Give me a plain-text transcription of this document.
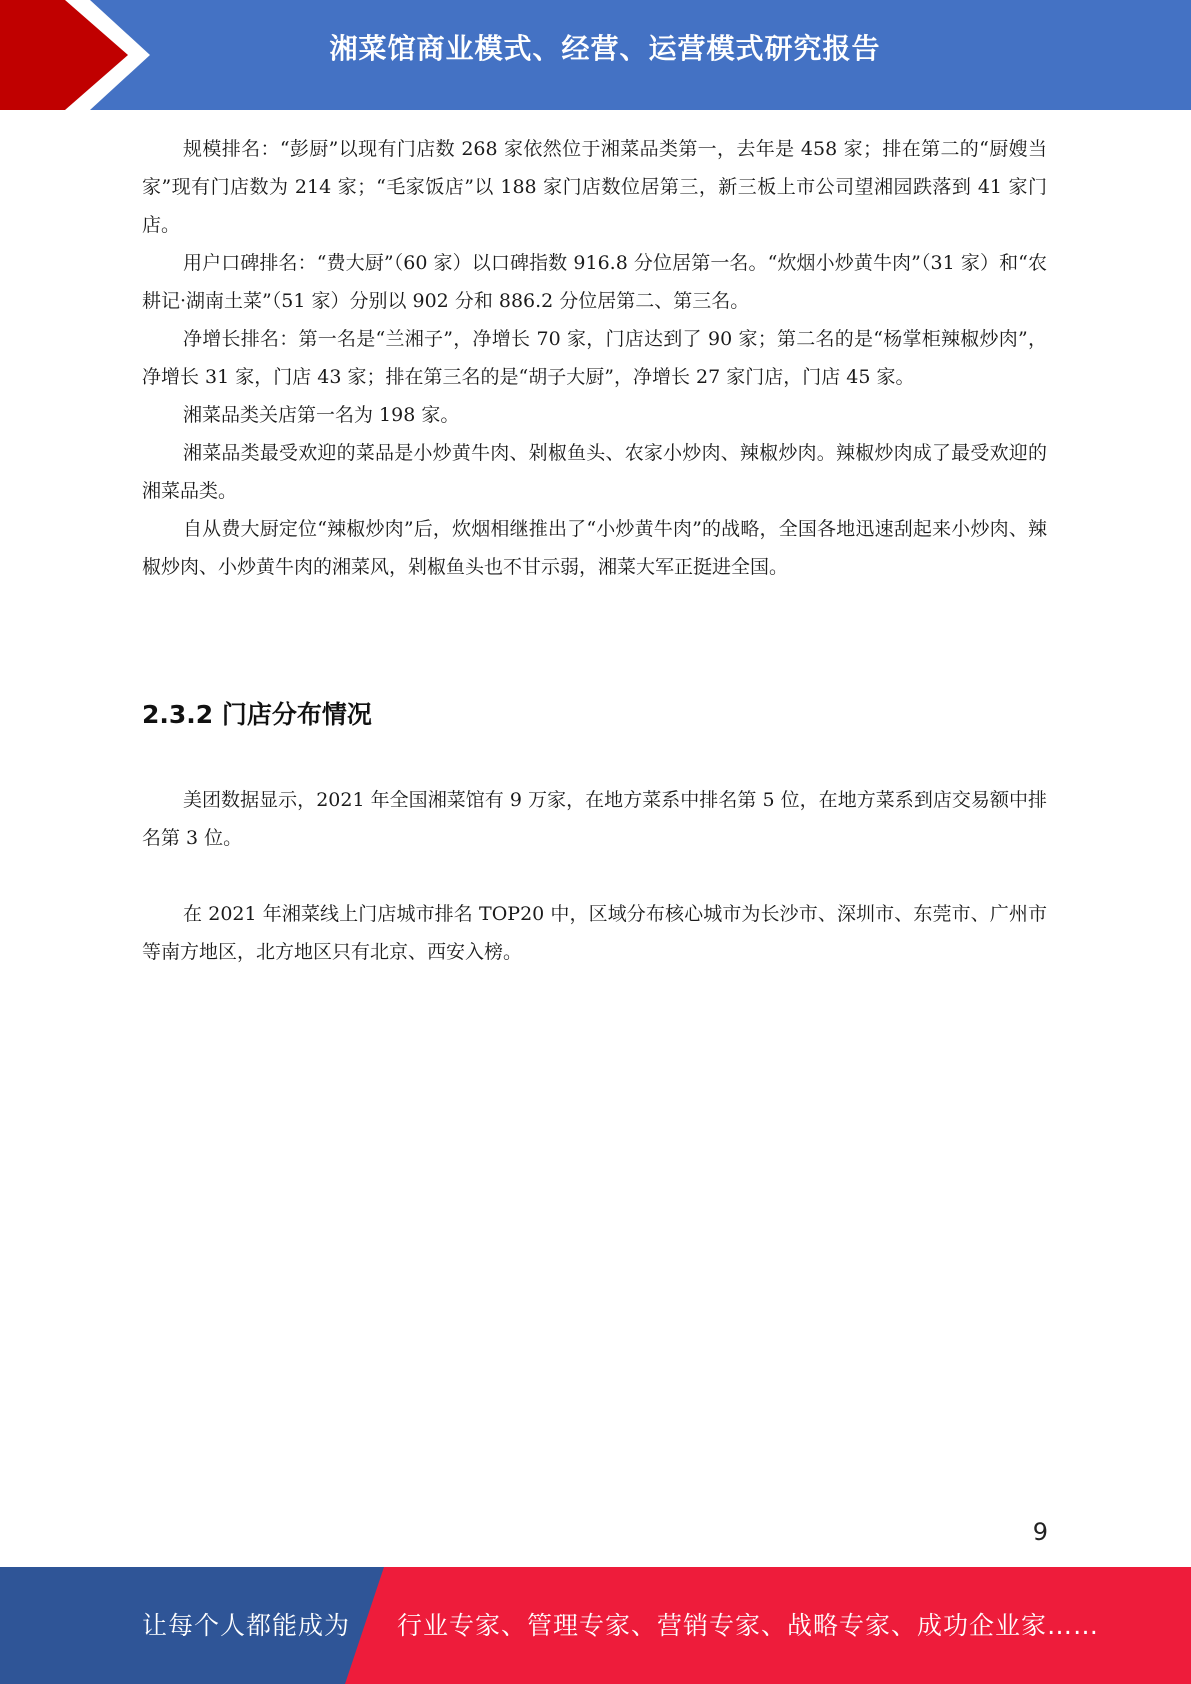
湘菜馆商业模式、经营、运营模式研究报告

规模排名：“彭厨”以现有门店数 268 家依然位于湘菜品类第一，去年是 458 家；排在第二的“厨嫂当家”现有门店数为 214 家；“毛家饭店”以 188 家门店数位居第三，新三板上市公司望湘园跌落到 41 家门店。

用户口碑排名：“费大厨”（60 家）以口碑指数 916.8 分位居第一名。“炊烟小炒黄牛肉”（31 家）和“农耕记·湖南土菜”（51 家）分别以 902 分和 886.2 分位居第二、第三名。

净增长排名：第一名是“兰湘子”，净增长 70 家，门店达到了 90 家；第二名的是“杨掌柜辣椒炒肉”，净增长 31 家，门店 43 家；排在第三名的是“胡子大厨”，净增长 27 家门店，门店 45 家。

湘菜品类关店第一名为 198 家。

湘菜品类最受欢迎的菜品是小炒黄牛肉、剁椒鱼头、农家小炒肉、辣椒炒肉。辣椒炒肉成了最受欢迎的湘菜品类。

自从费大厨定位“辣椒炒肉”后，炊烟相继推出了“小炒黄牛肉”的战略，全国各地迅速刮起来小炒肉、辣椒炒肉、小炒黄牛肉的湘菜风，剁椒鱼头也不甘示弱，湘菜大军正挺进全国。

2.3.2 门店分布情况

美团数据显示，2021 年全国湘菜馆有 9 万家，在地方菜系中排名第 5 位，在地方菜系到店交易额中排名第 3 位。

在 2021 年湘菜线上门店城市排名 TOP20 中，区域分布核心城市为长沙市、深圳市、东莞市、广州市等南方地区，北方地区只有北京、西安入榜。

9
让每个人都能成为 行业专家、管理专家、营销专家、战略专家、成功企业家……
